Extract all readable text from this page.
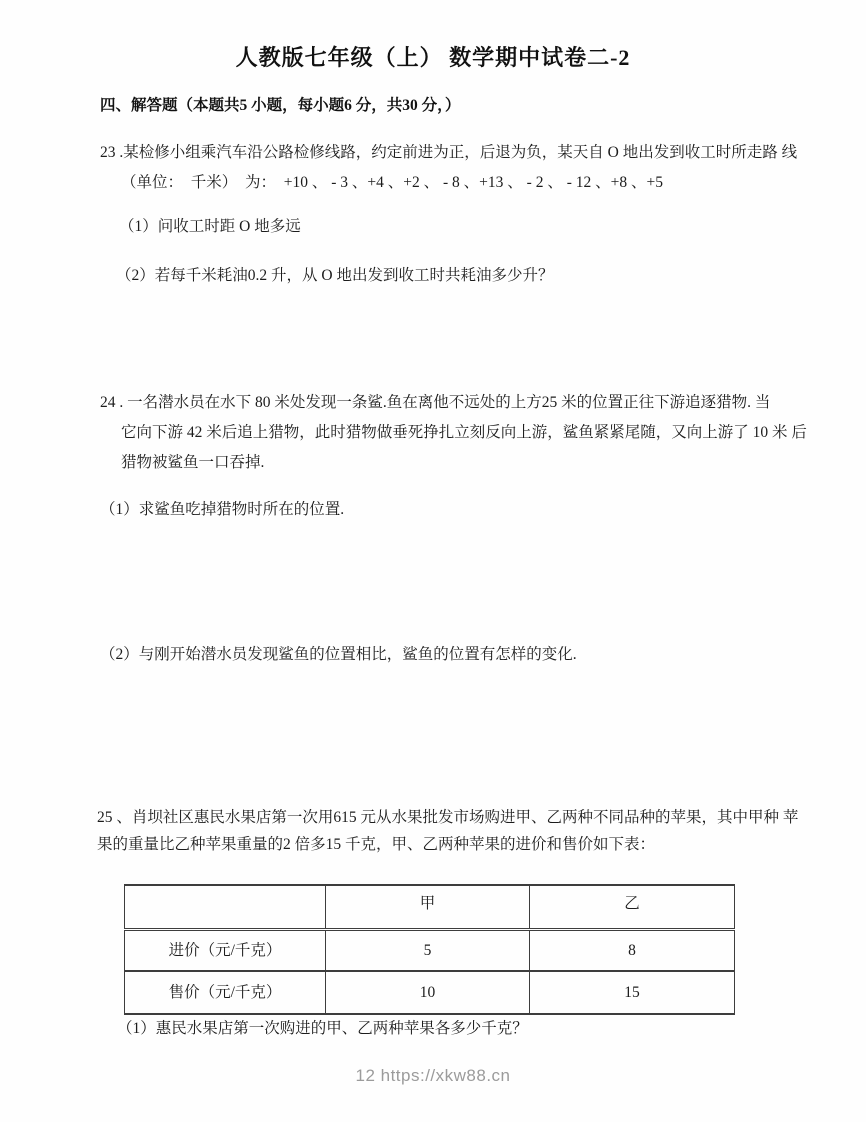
人教版七年级（上） 数学期中试卷二-2
四、解答题（本题共5 小题，每小题6 分，共30 分，）
23 .某检修小组乘汽车沿公路检修线路，约定前进为正，后退为负，某天自 O 地出发到收工时所走路 线
（单位：　千米）　为：　+10 、 - 3 、+4 、+2 、 - 8 、+13 、 - 2 、 - 12 、+8 、+5
（1）问收工时距 O 地多远
（2）若每千米耗油0.2 升，从 O 地出发到收工时共耗油多少升？
24 . 一名潜水员在水下 80 米处发现一条鲨.鱼在离他不远处的上方25 米的位置正往下游追逐猎物. 当
它向下游 42 米后追上猎物，此时猎物做垂死挣扎立刻反向上游，鲨鱼紧紧尾随，又向上游了 10 米 后
猎物被鲨鱼一口吞掉.
（1）求鲨鱼吃掉猎物时所在的位置.
（2）与刚开始潜水员发现鲨鱼的位置相比，鲨鱼的位置有怎样的变化.
25 、肖坝社区惠民水果店第一次用615 元从水果批发市场购进甲、乙两种不同品种的苹果，其中甲种 苹
果的重量比乙种苹果重量的2 倍多15 千克，甲、乙两种苹果的进价和售价如下表：
	甲	乙
进价（元/千克）	5	8
售价（元/千克）	10	15
（1）惠民水果店第一次购进的甲、乙两种苹果各多少千克？
12 https://xkw88.cn
